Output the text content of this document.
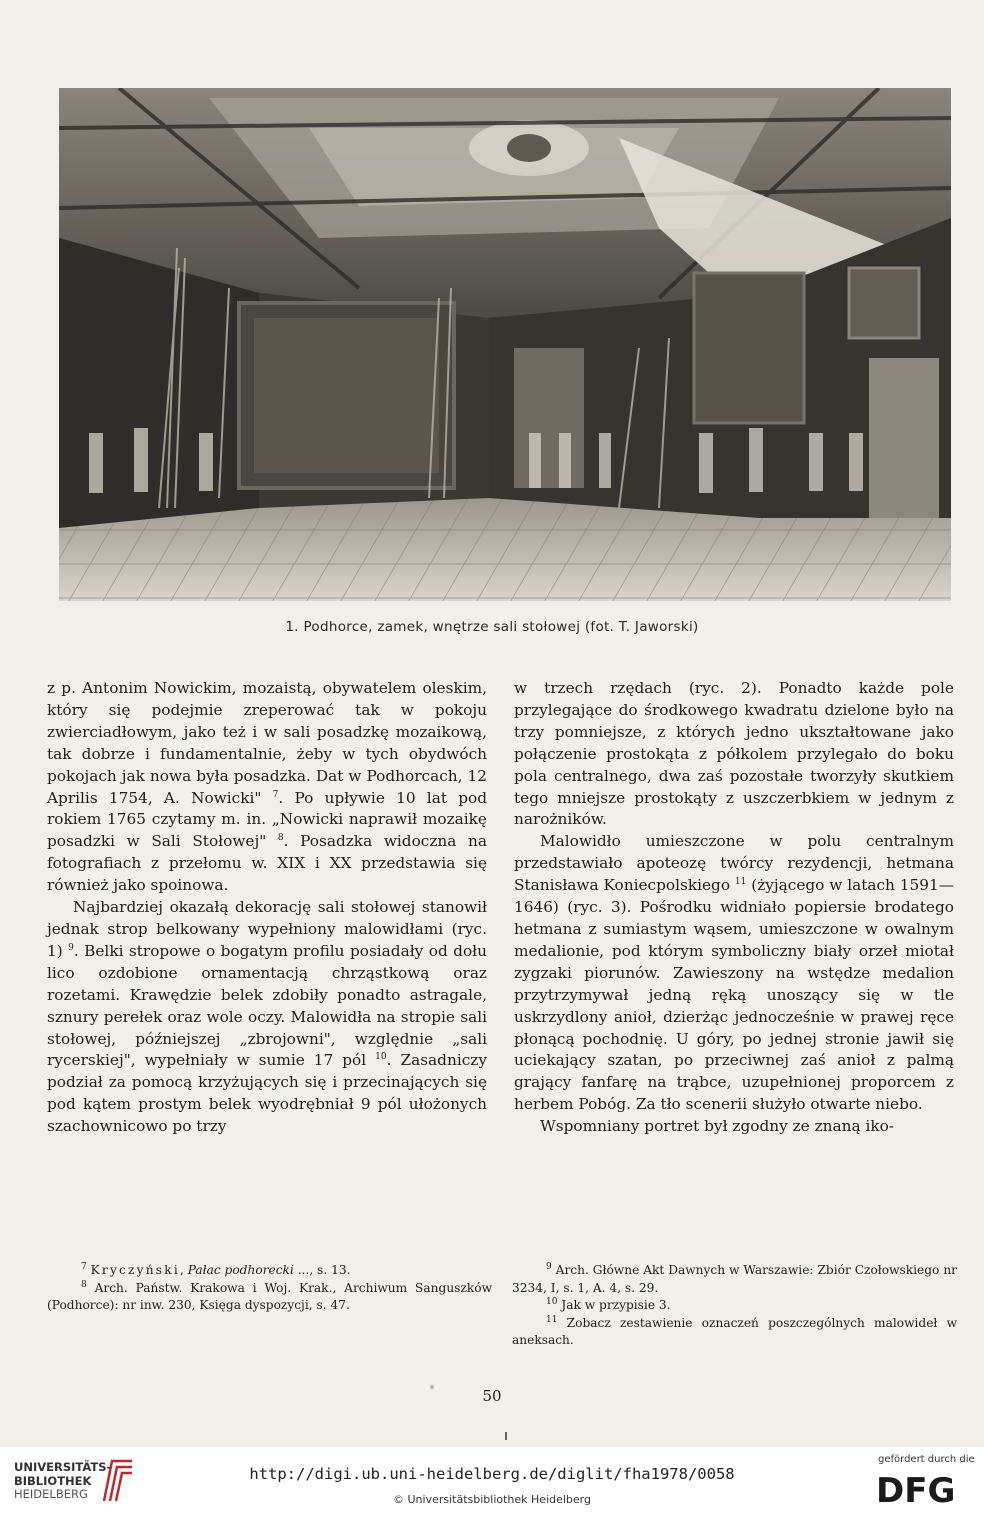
1. Podhorce, zamek, wnętrze sali stołowej (fot. T. Jaworski)

z p. Antonim Nowickim, mozaistą, obywatelem oleskim, który się podejmie zreperować tak w pokoju zwierciadłowym, jako też i w sali posadzkę mozaikową, tak dobrze i fundamentalnie, żeby w tych obydwóch pokojach jak nowa była posadzka. Dat w Podhorcach, 12 Aprilis 1754, A. Nowicki" $^7$. Po upływie 10 lat pod rokiem 1765 czytamy m. in. „Nowicki naprawił mozaikę posadzki w Sali Stołowej" $^8$. Posadzka widoczna na fotografiach z przełomu w. XIX i XX przedstawia się również jako spoinowa.

Najbardziej okazałą dekorację sali stołowej stanowił jednak strop belkowany wypełniony malowidłami (ryc. 1) $^9$. Belki stropowe o bogatym profilu posiadały od dołu lico ozdobione ornamentacją chrząstkową oraz rozetami. Krawędzie belek zdobiły ponadto astragale, sznury perełek oraz wole oczy. Malowidła na stropie sali stołowej, późniejszej „zbrojowni", względnie „sali rycerskiej", wypełniały w sumie 17 pól $^{10}$. Zasadniczy podział za pomocą krzyżujących się i przecinających się pod kątem prostym belek wyodrębniał 9 pól ułożonych szachownicowo po trzy

w trzech rzędach (ryc. 2). Ponadto każde pole przylegające do środkowego kwadratu dzielone było na trzy pomniejsze, z których jedno ukształtowane jako połączenie prostokąta z półkolem przylegało do boku pola centralnego, dwa zaś pozostałe tworzyły skutkiem tego mniejsze prostokąty z uszczerbkiem w jednym z narożników.

Malowidło umieszczone w polu centralnym przedstawiało apoteozę twórcy rezydencji, hetmana Stanisława Koniecpolskiego $^{11}$ (żyjącego w latach 1591—1646) (ryc. 3). Pośrodku widniało popiersie brodatego hetmana z sumiastym wąsem, umieszczone w owalnym medalionie, pod którym symboliczny biały orzeł miotał zygzaki piorunów. Zawieszony na wstędze medalion przytrzymywał jedną ręką unoszący się w tle uskrzydlony anioł, dzierżąc jednocześnie w prawej ręce płonącą pochodnię. U góry, po jednej stronie jawił się uciekający szatan, po przeciwnej zaś anioł z palmą grający fanfarę na trąbce, uzupełnionej proporcem z herbem Pobóg. Za tło scenerii służyło otwarte niebo.

Wspomniany portret był zgodny ze znaną iko-

$^7$ Kryczyński, Pałac podhorecki ..., s. 13.

$^8$ Arch. Państw. Krakowa i Woj. Krak., Archiwum Sanguszków (Podhorce): nr inw. 230, Księga dyspozycji, s. 47.

$^9$ Arch. Główne Akt Dawnych w Warszawie: Zbiór Czołowskiego nr 3234, I, s. 1, A. 4, s. 29.

$^{10}$ Jak w przypisie 3.

$^{11}$ Zobacz zestawienie oznaczeń poszczególnych malowideł w aneksach.

50
UNIVERSITÄTS-
BIBLIOTHEK
HEIDELBERG
http://digi.ub.uni-heidelberg.de/diglit/fha1978/0058
© Universitätsbibliothek Heidelberg
gefördert durch die
DFG
